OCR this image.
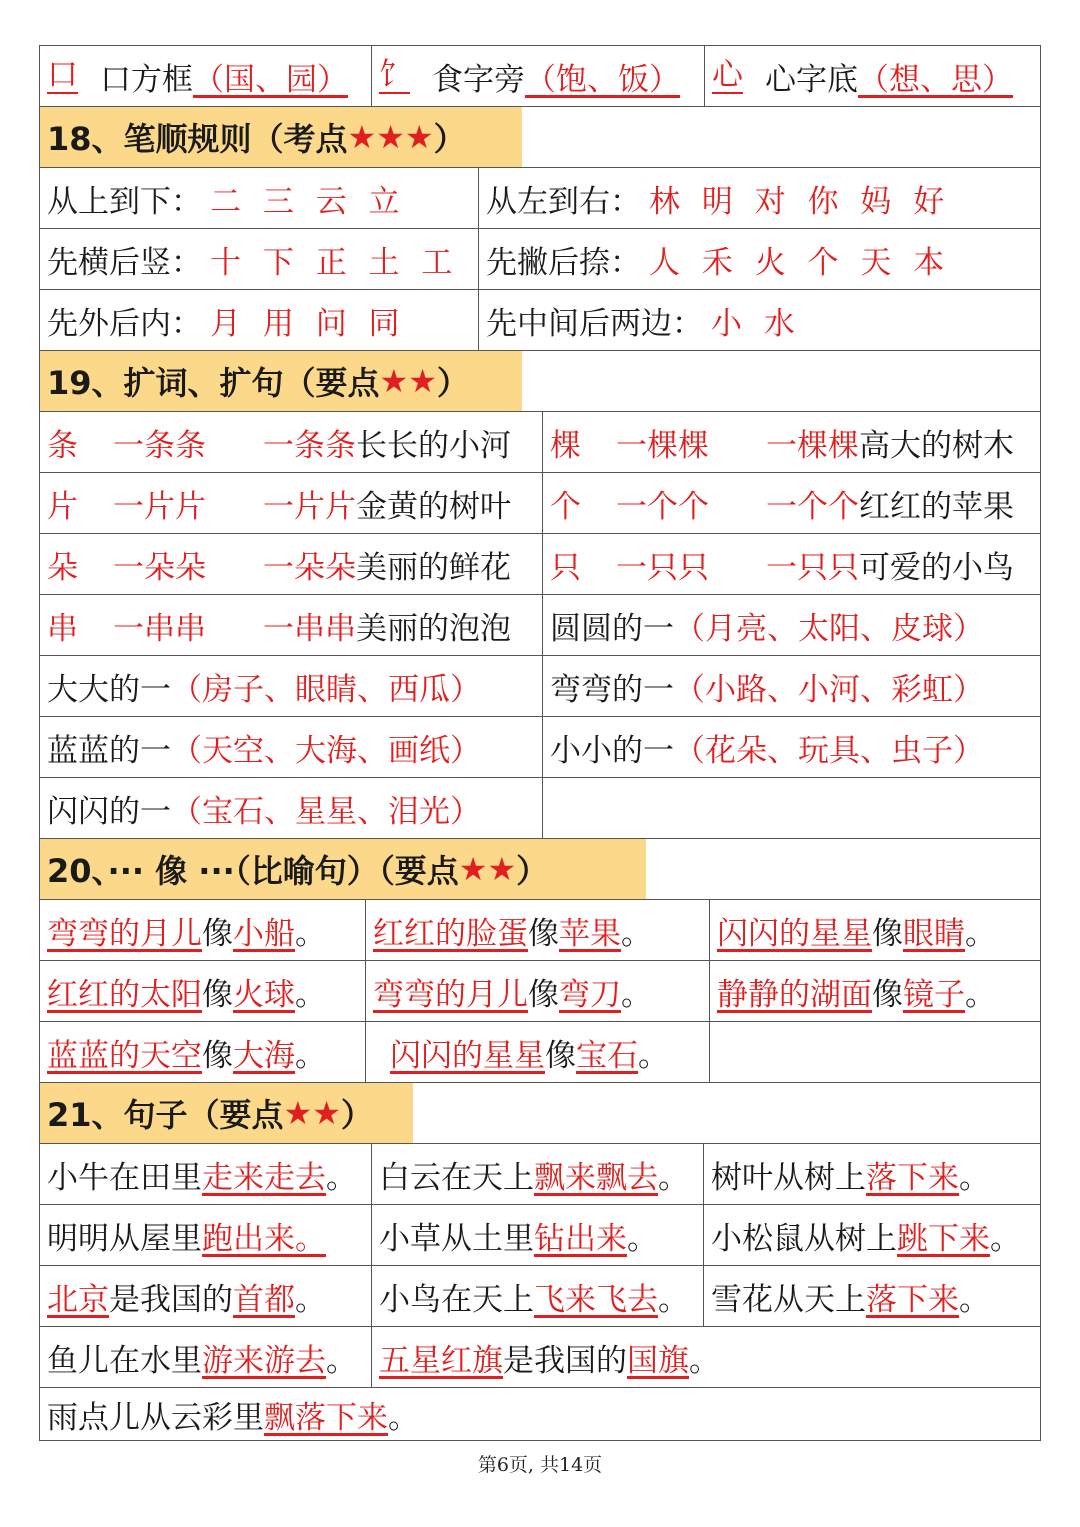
口 口方框 （国、园） 饣 食字旁 （饱、饭） 心 心字底 （想、思）
18、笔顺规则（考点 ★★★ ）
从上到下： 二 三 云 立	从左到右： 林 明 对 你 妈 好
先横后竖： 十 下 正 土 工 先撇后捺： 人 禾 火 个 天 本
先外后内： 月 用 问 同	先中间后两边： 小 水
19、扩词、扩句（要点 ★★ ）
条	一条条	一条条 长长的小河 棵	一棵棵	一棵棵 高大的树木
片	一片片	一片片 金黄的树叶 个	一个个	一个个 红红的苹果
朵	一朵朵	一朵朵 美丽的鲜花 只	一只只	一只只 可爱的小鸟
串	一串串	一串串 美丽的泡泡 圆圆的一 （月亮、太阳、皮球）
大大的一 （房子、眼睛、西瓜） 弯弯的一 （小路、小河、彩虹）
蓝蓝的一 （天空、大海、画纸） 小小的一 （花朵、玩具、虫子）
闪闪的一 （宝石、星星、泪光）
20、··· 像 ···（比喻句）（要点 ★★ ）
弯弯的月儿 像 小船 。 红红的脸蛋 像 苹果 。 闪闪的星星 像 眼睛 。
红红的太阳 像 火球 。 弯弯的月儿 像 弯刀 。 静静的湖面 像 镜子 。
蓝蓝的天空 像 大海 。 闪闪的星星 像 宝石 。
21、句子（要点 ★★ ）
小牛在田里 走来走去 。 白云在天上 飘来飘去 。 树叶从树上 落下来 。
明明从屋里 跑出来。 小草从土里 钻出来 。 小松鼠从树上 跳下来 。
北京 是我国的 首都 。 小鸟在天上 飞来飞去 。 雪花从天上 落下来 。
鱼儿在水里 游来游去 。 五星红旗 是我国的 国旗 。
雨点儿从云彩里 飘落下来 。
第6页, 共14页
